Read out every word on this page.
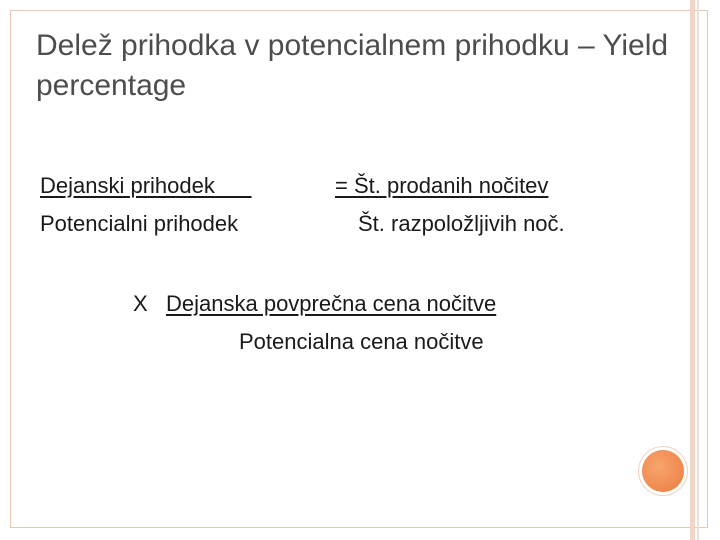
Delež prihodka v potencialnem prihodku – Yield percentage
Dejanski prihodek	= Št. prodanih nočitev
Potencialni prihodek	Št. razpoložljivih noč.
X Dejanska povprečna cena nočitve
Potencialna cena nočitve
